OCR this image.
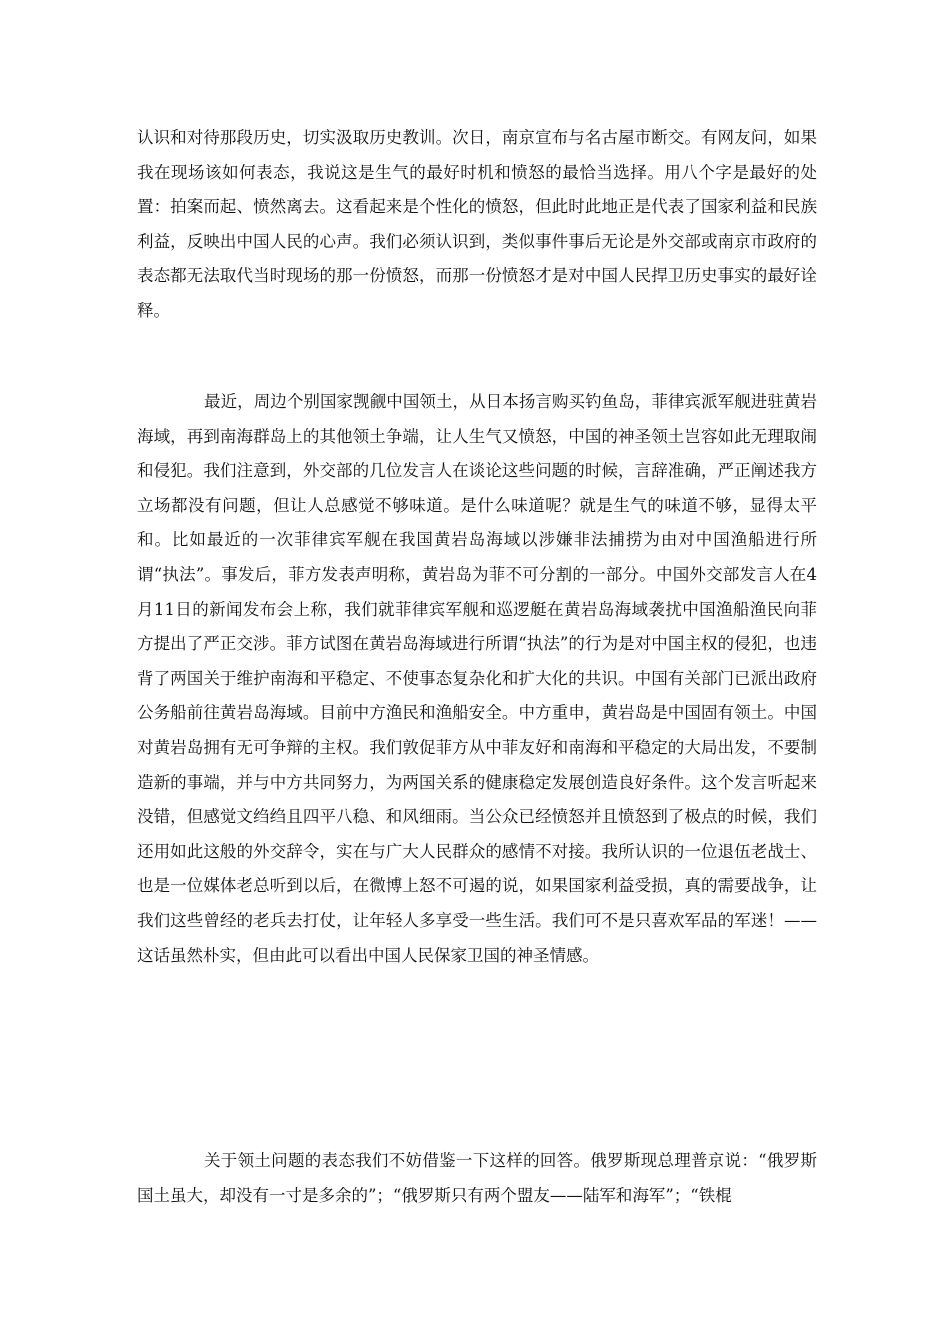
认识和对待那段历史，切实汲取历史教训。次日，南京宣布与名古屋市断交。有网友问，如果我在现场该如何表态，我说这是生气的最好时机和愤怒的最恰当选择。用八个字是最好的处置：拍案而起、愤然离去。这看起来是个性化的愤怒，但此时此地正是代表了国家利益和民族利益，反映出中国人民的心声。我们必须认识到，类似事件事后无论是外交部或南京市政府的表态都无法取代当时现场的那一份愤怒，而那一份愤怒才是对中国人民捍卫历史事实的最好诠释。

最近，周边个别国家觊觎中国领土，从日本扬言购买钓鱼岛，菲律宾派军舰进驻黄岩海域，再到南海群岛上的其他领土争端，让人生气又愤怒，中国的神圣领土岂容如此无理取闹和侵犯。我们注意到，外交部的几位发言人在谈论这些问题的时候，言辞准确，严正阐述我方立场都没有问题，但让人总感觉不够味道。是什么味道呢？就是生气的味道不够，显得太平和。比如最近的一次菲律宾军舰在我国黄岩岛海域以涉嫌非法捕捞为由对中国渔船进行所谓“执法”。事发后，菲方发表声明称，黄岩岛为菲不可分割的一部分。中国外交部发言人在4月11日的新闻发布会上称，我们就菲律宾军舰和巡逻艇在黄岩岛海域袭扰中国渔船渔民向菲方提出了严正交涉。菲方试图在黄岩岛海域进行所谓“执法”的行为是对中国主权的侵犯，也违背了两国关于维护南海和平稳定、不使事态复杂化和扩大化的共识。中国有关部门已派出政府公务船前往黄岩岛海域。目前中方渔民和渔船安全。中方重申，黄岩岛是中国固有领土。中国对黄岩岛拥有无可争辩的主权。我们敦促菲方从中菲友好和南海和平稳定的大局出发，不要制造新的事端，并与中方共同努力，为两国关系的健康稳定发展创造良好条件。这个发言听起来没错，但感觉文绉绉且四平八稳、和风细雨。当公众已经愤怒并且愤怒到了极点的时候，我们还用如此这般的外交辞令，实在与广大人民群众的感情不对接。我所认识的一位退伍老战士、也是一位媒体老总听到以后，在微博上怒不可遏的说，如果国家利益受损，真的需要战争，让我们这些曾经的老兵去打仗，让年轻人多享受一些生活。我们可不是只喜欢军品的军迷！——这话虽然朴实，但由此可以看出中国人民保家卫国的神圣情感。

关于领土问题的表态我们不妨借鉴一下这样的回答。俄罗斯现总理普京说：“俄罗斯国土虽大，却没有一寸是多余的”；“俄罗斯只有两个盟友——陆军和海军”；“铁棍
